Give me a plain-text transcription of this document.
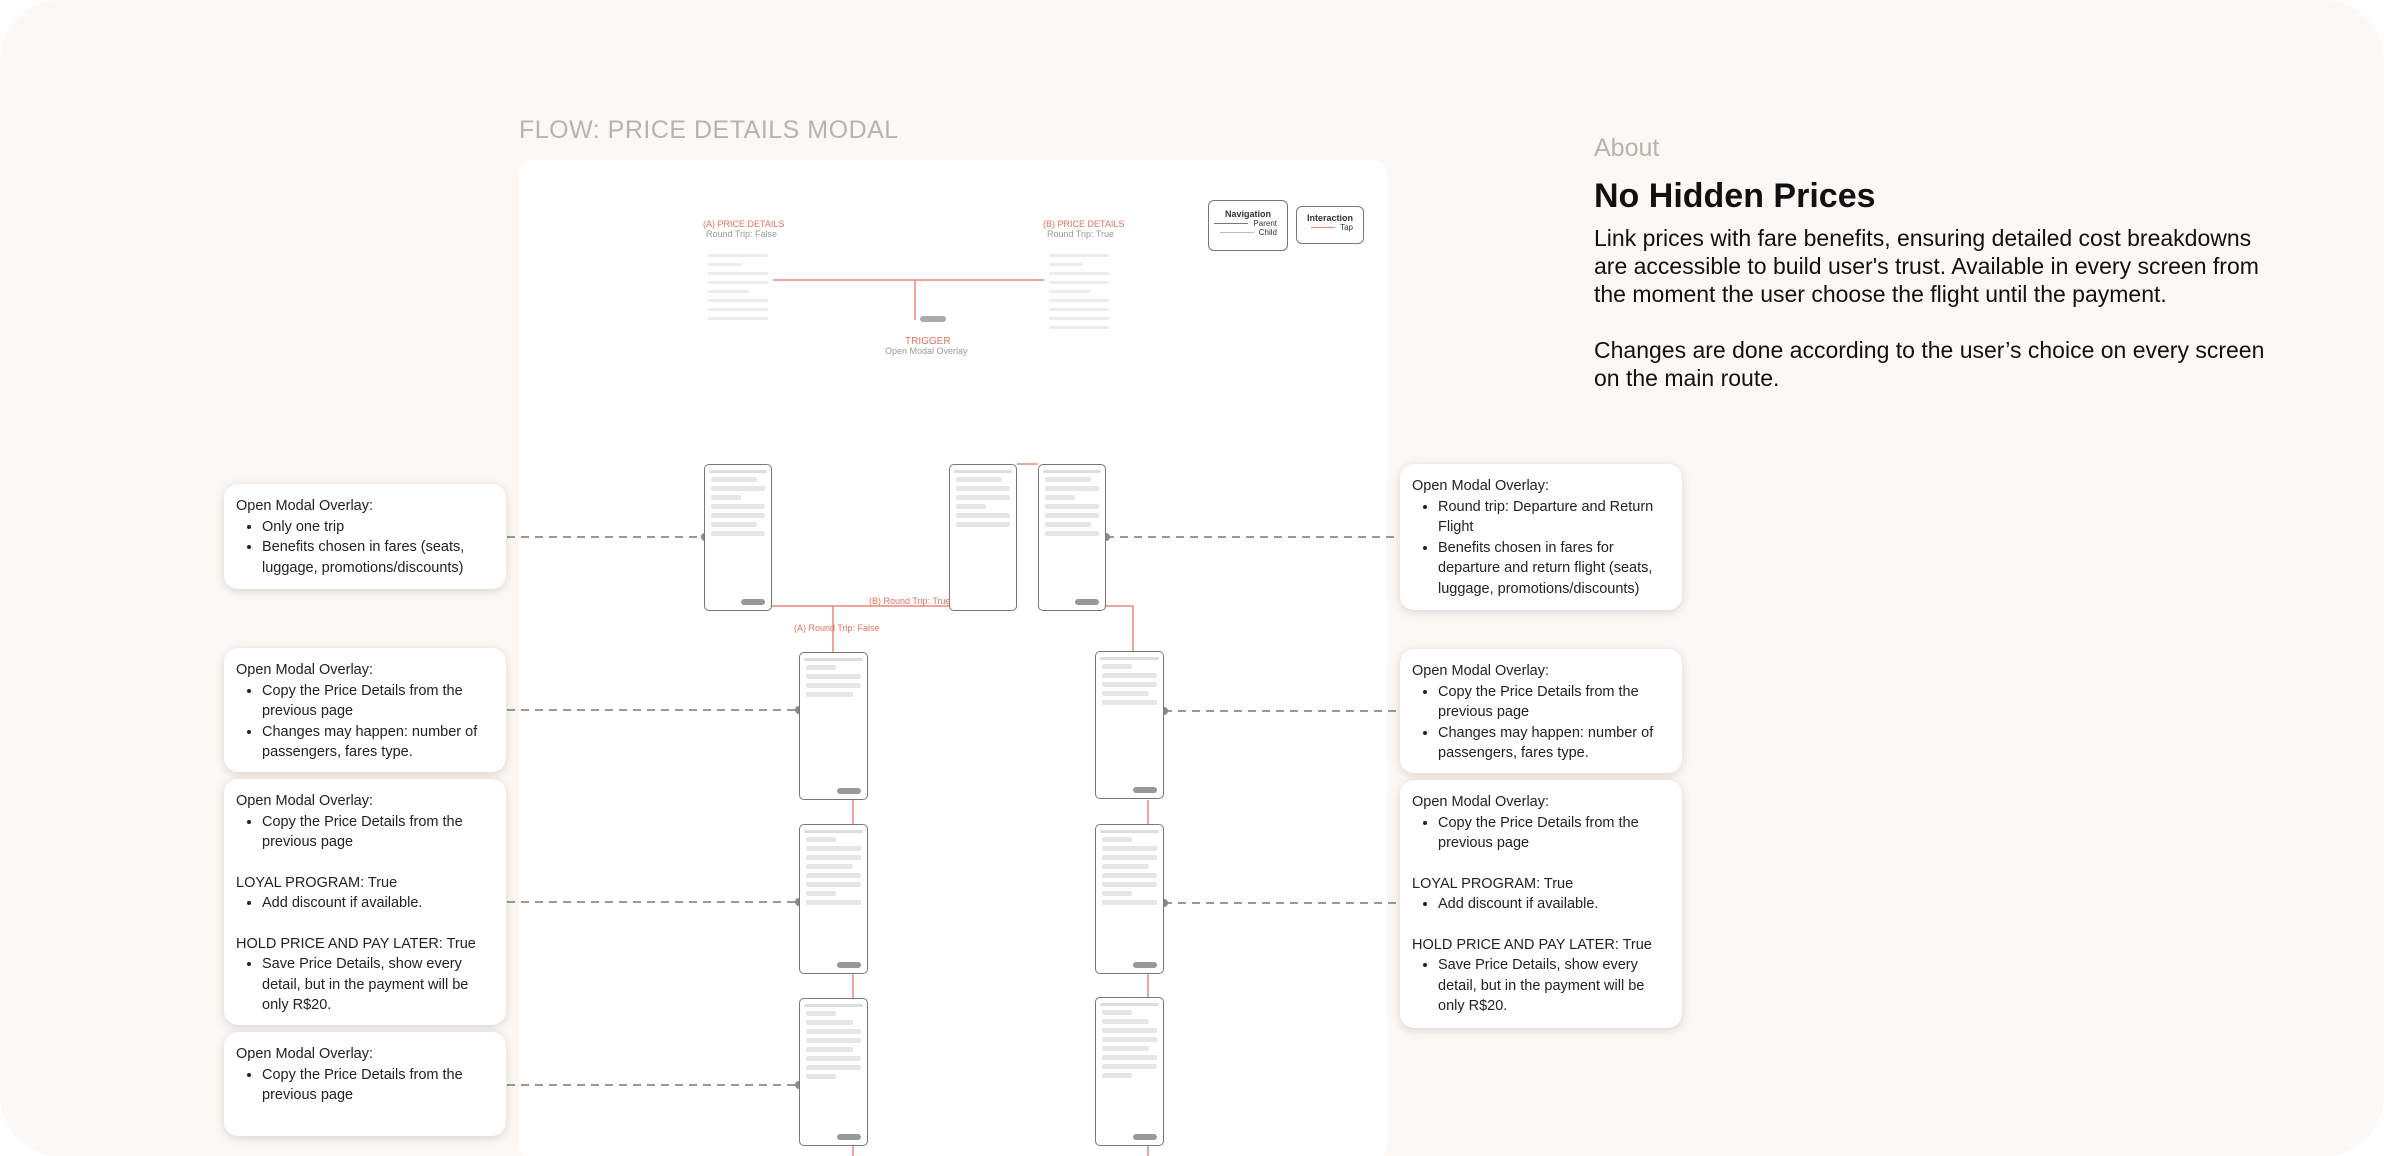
FLOW: PRICE DETAILS MODAL
(A) PRICE DETAILS
Round Trip: False
(B) PRICE DETAILS
Round Trip: True
TRIGGER
Open Modal Overlay
Navigation
Parent
Child
Interaction
Tap
(B) Round Trip: True
(A) Round Trip: False
About
No Hidden Prices

Link prices with fare benefits, ensuring detailed cost breakdowns are accessible to build user's trust. Available in every screen from the moment the user choose the flight until the payment.

Changes are done according to the user’s choice on every screen on the main route.

Open Modal Overlay:
• Only one trip
• Benefits chosen in fares (seats, luggage, promotions/discounts)
Open Modal Overlay:
• Copy the Price Details from the previous page
• Changes may happen: number of passengers, fares type.
Open Modal Overlay:
• Copy the Price Details from the previous page
LOYAL PROGRAM: True
• Add discount if available.
HOLD PRICE AND PAY LATER: True
• Save Price Details, show every detail, but in the payment will be only R$20.
Open Modal Overlay:
• Copy the Price Details from the previous page
Open Modal Overlay:
• Round trip: Departure and Return Flight
• Benefits chosen in fares for departure and return flight (seats, luggage, promotions/discounts)
Open Modal Overlay:
• Copy the Price Details from the previous page
• Changes may happen: number of passengers, fares type.
Open Modal Overlay:
• Copy the Price Details from the previous page
LOYAL PROGRAM: True
• Add discount if available.
HOLD PRICE AND PAY LATER: True
• Save Price Details, show every detail, but in the payment will be only R$20.
